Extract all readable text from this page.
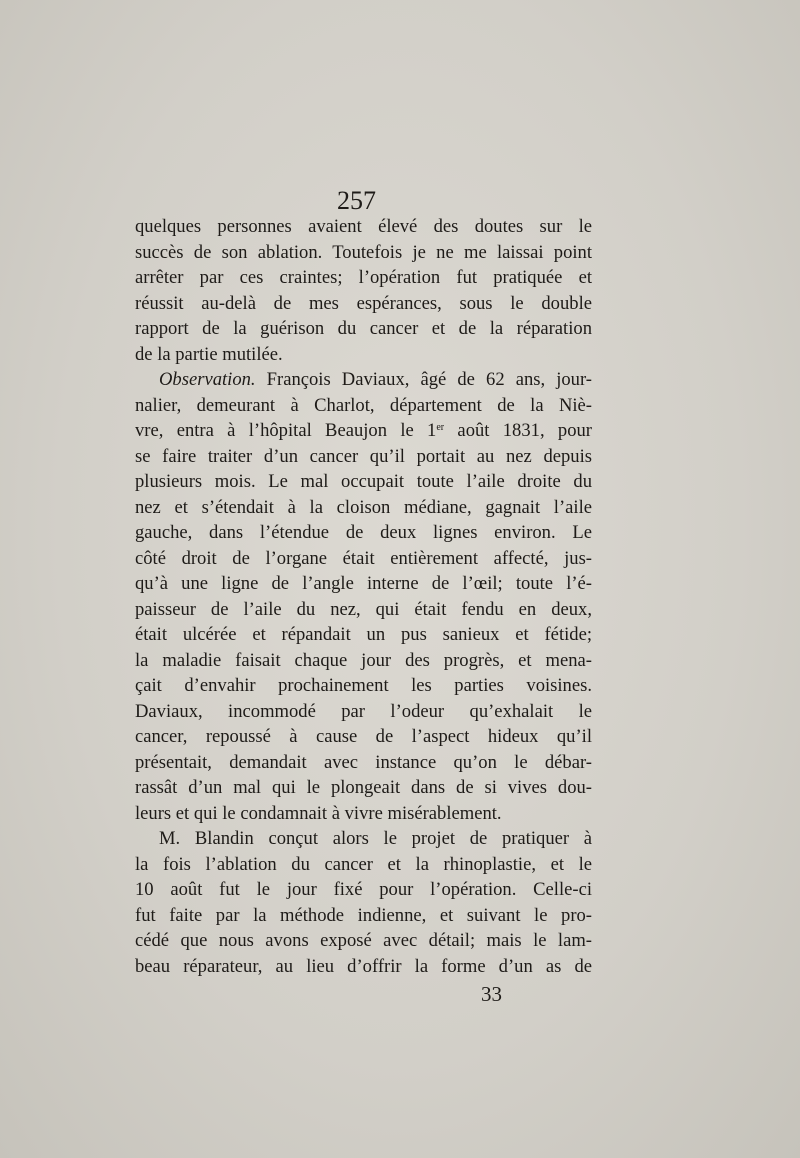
257
quelques personnes avaient élevé des doutes sur le
succès de son ablation. Toutefois je ne me laissai point
arrêter par ces craintes; l’opération fut pratiquée et
réussit au-delà de mes espérances, sous le double
rapport de la guérison du cancer et de la réparation
de la partie mutilée.
Observation. François Daviaux, âgé de 62 ans, jour-
nalier, demeurant à Charlot, département de la Niè-
vre, entra à l’hôpital Beaujon le 1er août 1831, pour
se faire traiter d’un cancer qu’il portait au nez depuis
plusieurs mois. Le mal occupait toute l’aile droite du
nez et s’étendait à la cloison médiane, gagnait l’aile
gauche, dans l’étendue de deux lignes environ. Le
côté droit de l’organe était entièrement affecté, jus-
qu’à une ligne de l’angle interne de l’œil; toute l’é-
paisseur de l’aile du nez, qui était fendu en deux,
était ulcérée et répandait un pus sanieux et fétide;
la maladie faisait chaque jour des progrès, et mena-
çait d’envahir prochainement les parties voisines.
Daviaux, incommodé par l’odeur qu’exhalait le
cancer, repoussé à cause de l’aspect hideux qu’il
présentait, demandait avec instance qu’on le débar-
rassât d’un mal qui le plongeait dans de si vives dou-
leurs et qui le condamnait à vivre misérablement.
M. Blandin conçut alors le projet de pratiquer à
la fois l’ablation du cancer et la rhinoplastie, et le
10 août fut le jour fixé pour l’opération. Celle-ci
fut faite par la méthode indienne, et suivant le pro-
cédé que nous avons exposé avec détail; mais le lam-
beau réparateur, au lieu d’offrir la forme d’un as de
33
